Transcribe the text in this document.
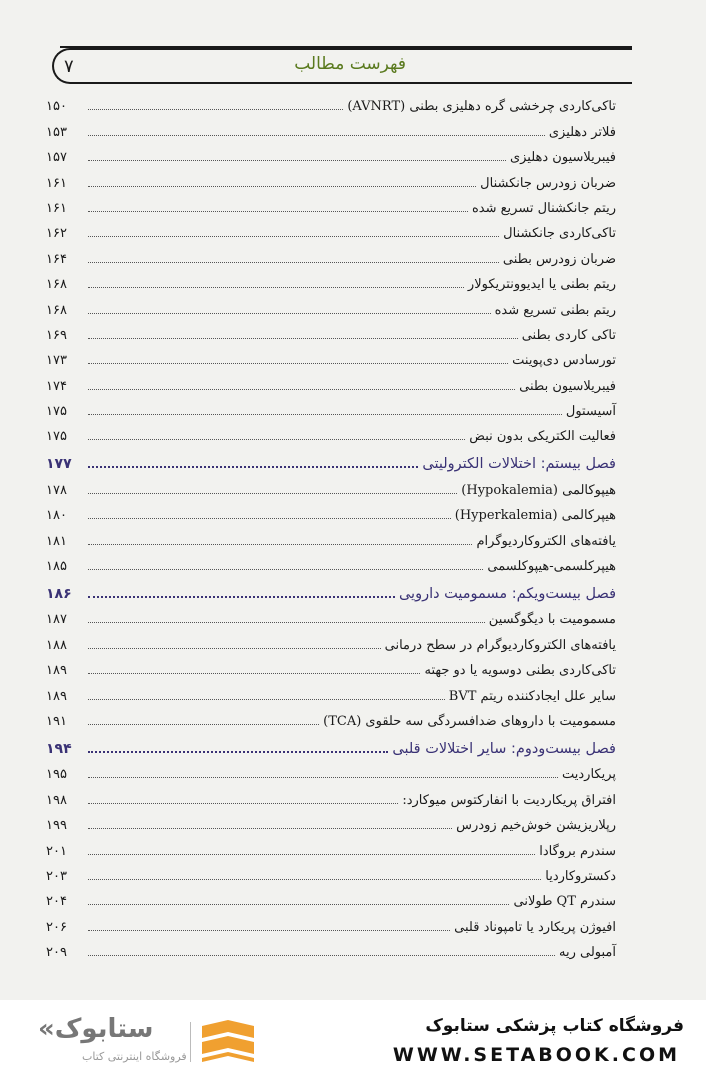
۷	فهرست مطالب
تاکی‌کاردی چرخشی گره دهلیزی بطنی (AVNRT)
۱۵۰
فلاتر دهلیزی
۱۵۳
فیبریلاسیون دهلیزی
۱۵۷
ضربان زودرس جانکشنال
۱۶۱
ریتم جانکشنال تسریع شده
۱۶۱
تاکی‌کاردی جانکشنال
۱۶۲
ضربان زودرس بطنی
۱۶۴
ریتم بطنی یا ایدیوونتریکولار
۱۶۸
ریتم بطنی تسریع شده
۱۶۸
تاکی کاردی بطنی
۱۶۹
تورسادس دی‌پوینت
۱۷۳
فیبریلاسیون بطنی
۱۷۴
آسیستول
۱۷۵
فعالیت الکتریکی بدون نبض
۱۷۵
فصل بیستم: اختلالات الکترولیتی
۱۷۷
هیپوکالمی (Hypokalemia)
۱۷۸
هیپرکالمی (Hyperkalemia)
۱۸۰
یافته‌های الکتروکاردیوگرام
۱۸۱
هیپرکلسمی-هیپوکلسمی
۱۸۵
فصل بیست‌ویکم: مسمومیت دارویی
۱۸۶
مسمومیت با دیگوگسین
۱۸۷
یافته‌های الکتروکاردیوگرام در سطح درمانی
۱۸۸
تاکی‌کاردی بطنی دوسویه یا دو جهته
۱۸۹
سایر علل ایجادکننده ریتم BVT
۱۸۹
مسمومیت با داروهای ضدافسردگی سه حلقوی (TCA)
۱۹۱
فصل بیست‌ودوم: سایر اختلالات قلبی
۱۹۴
پریکاردیت
۱۹۵
افتراق پریکاردیت با انفارکتوس میوکارد:
۱۹۸
رپلاریزیشن خوش‌خیم زودرس
۱۹۹
سندرم بروگادا
۲۰۱
دکستروکاردیا
۲۰۳
سندرم QT طولانی
۲۰۴
افیوژن پریکارد یا تامپوناد قلبی
۲۰۶
آمبولی ریه
۲۰۹
«ستابوک
فروشگاه اینترنتی کتاب
فروشگاه کتاب پزشکی ستابوک
WWW.SETABOOK.COM
